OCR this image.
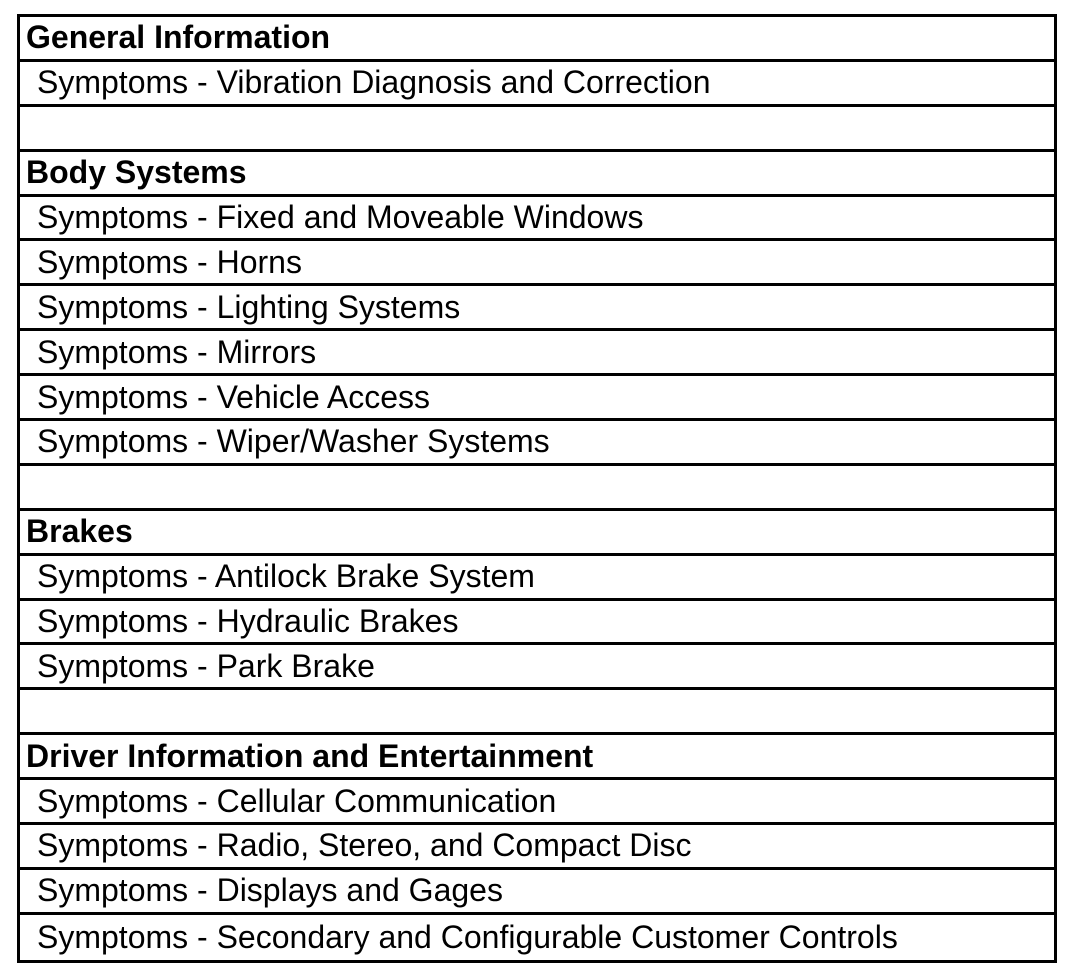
General Information
Symptoms - Vibration Diagnosis and Correction
Body Systems
Symptoms - Fixed and Moveable Windows
Symptoms - Horns
Symptoms - Lighting Systems
Symptoms - Mirrors
Symptoms - Vehicle Access
Symptoms - Wiper/Washer Systems
Brakes
Symptoms - Antilock Brake System
Symptoms - Hydraulic Brakes
Symptoms - Park Brake
Driver Information and Entertainment
Symptoms - Cellular Communication
Symptoms - Radio, Stereo, and Compact Disc
Symptoms - Displays and Gages
Symptoms - Secondary and Configurable Customer Controls
